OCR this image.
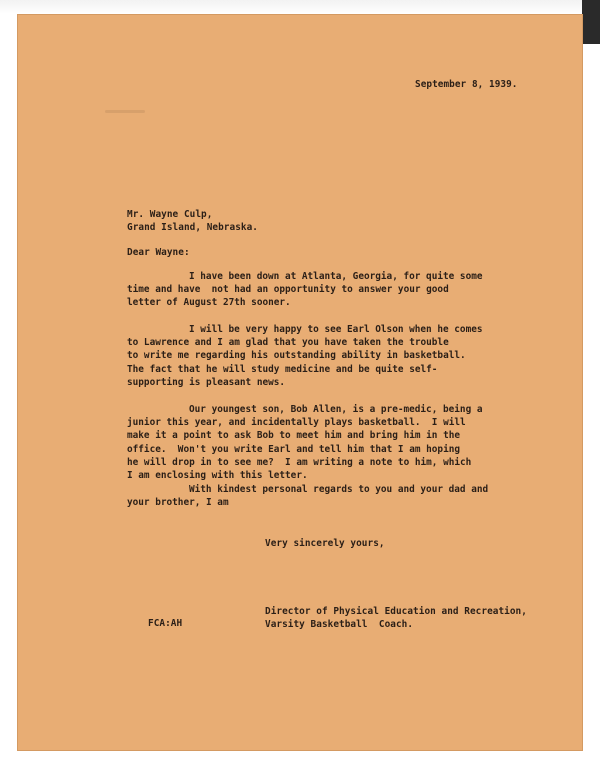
September 8, 1939.
Mr. Wayne Culp,
Grand Island, Nebraska.
Dear Wayne:
I have been down at Atlanta, Georgia, for quite some
time and have  not had an opportunity to answer your good
letter of August 27th sooner.
I will be very happy to see Earl Olson when he comes
to Lawrence and I am glad that you have taken the trouble
to write me regarding his outstanding ability in basketball.
The fact that he will study medicine and be quite self-
supporting is pleasant news.
Our youngest son, Bob Allen, is a pre-medic, being a
junior this year, and incidentally plays basketball.  I will
make it a point to ask Bob to meet him and bring him in the
office.  Won't you write Earl and tell him that I am hoping
he will drop in to see me?  I am writing a note to him, which
I am enclosing with this letter.
With kindest personal regards to you and your dad and
your brother, I am
Very sincerely yours,
Director of Physical Education and Recreation,
Varsity Basketball  Coach.
FCA:AH
